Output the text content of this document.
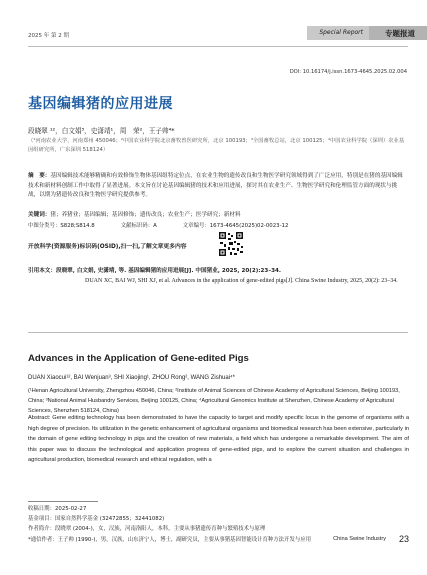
2025 年 第 2 期	Special Report	专题报道
DOI: 10.16174/j.issn.1673-4645.2025.02.004
基因编辑猪的应用进展
段晓翠 ¹²，白文娟³，史潇靖¹，周　荣²，王子帅⁴*
（¹河南农业大学，河南郑州 450046；²中国农业科学院北京畜牧兽医研究所，北京 100193；³全国畜牧总站，北京 100125；⁴中国农业科学院（深圳）农业基因组研究所，广东深圳 518124）
摘　要：基因编辑技术能够精确和有效修饰生物体基因组特定位点，在农业生物的遗传改良和生物医学研究领域得到了广泛应用，特别是在猪的基因编辑技术和新材料创制工作中取得了显著进展。本文旨在讨论基因编辑猪的技术和应用进展，探讨其在农业生产、生物医学研究和伦理监管方面的现状与挑战，以期为猪遗传改良和生物医学研究提供参考。
关键词：猪；养猪业；基因编辑；基因修饰；遗传改良；农业生产；医学研究；新材料
中图分类号：S828;S814.8	文献标识码：A	文章编号：1673-4645(2025)02-0023-12
开放科学(资源服务)标识码(OSID),扫一扫,了解文章更多内容
引用本文：段晓翠, 白文娟, 史潇靖, 等. 基因编辑猪的应用进展[J]. 中国猪业, 2025, 20(2):23–34.
DUAN XC, BAI WJ, SHI XJ, et al. Advances in the application of gene-edited pigs[J]. China Swine Industry, 2025, 20(2): 23–34.
Advances in the Application of Gene-edited Pigs
DUAN Xiaocui¹², BAI Wenjuan³, SHI Xiaojing¹, ZHOU Rong², WANG Zishuai⁴*
(¹Henan Agricultural University, Zhengzhou 450046, China; ²Institute of Animal Sciences of Chinese Academy of Agricultural Sciences, Beijing 100193, China; ³National Animal Husbandry Services, Beijing 100125, China; ⁴Agricultural Genomics Institute at Shenzhen, Chinese Academy of Agricultural Sciences, Shenzhen 518124, China)
Abstract: Gene editing technology has been demonstrated to have the capacity to target and modify specific locus in the genome of organisms with a high degree of precision. Its utilization in the genetic enhancement of agricultural organisms and biomedical research has been extensive, particularly in the domain of gene editing technology in pigs and the creation of new materials, a field which has undergone a remarkable development. The aim of this paper was to discuss the technological and application progress of gene-edited pigs, and to explore the current situation and challenges in agricultural production, biomedical research and ethical regulation, with a
收稿日期：2025-02-27
基金项目：国家自然科学基金 (32472855；32441082)
作者简介：段晓翠 (2004-)，女，汉族，河南洛阳人，本科，主要从事猪遗传育种与繁殖技术与原理
*通信作者：王子帅 (1990-)，男，汉族，山东济宁人，博士，副研究员，主要从事猪基因智能设计育种方法开发与应用	China Swine Industry 23
